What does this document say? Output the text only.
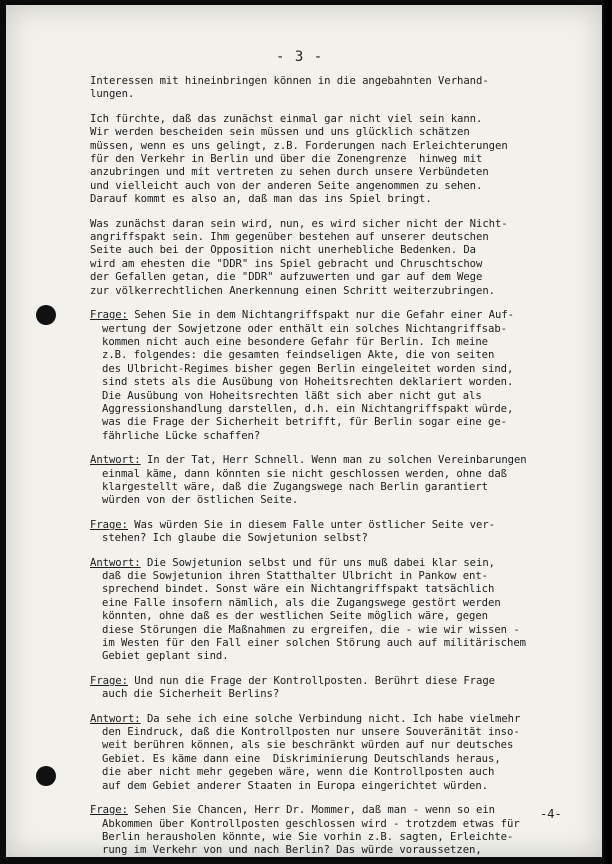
- 3 -
Interessen mit hineinbringen können in die angebahnten Verhand-
lungen.
Ich fürchte, daß das zunächst einmal gar nicht viel sein kann.
Wir werden bescheiden sein müssen und uns glücklich schätzen
müssen, wenn es uns gelingt, z.B. Forderungen nach Erleichterungen
für den Verkehr in Berlin und über die Zonengrenze  hinweg mit
anzubringen und mit vertreten zu sehen durch unsere Verbündeten
und vielleicht auch von der anderen Seite angenommen zu sehen.
Darauf kommt es also an, daß man das ins Spiel bringt.
Was zunächst daran sein wird, nun, es wird sicher nicht der Nicht-
angriffspakt sein. Ihm gegenüber bestehen auf unserer deutschen
Seite auch bei der Opposition nicht unerhebliche Bedenken. Da
wird am ehesten die "DDR" ins Spiel gebracht und Chruschtschow
der Gefallen getan, die "DDR" aufzuwerten und gar auf dem Wege
zur völkerrechtlichen Anerkennung einen Schritt weiterzubringen.
Frage: Sehen Sie in dem Nichtangriffspakt nur die Gefahr einer Auf-
wertung der Sowjetzone oder enthält ein solches Nichtangriffsab-
kommen nicht auch eine besondere Gefahr für Berlin. Ich meine
z.B. folgendes: die gesamten feindseligen Akte, die von seiten
des Ulbricht-Regimes bisher gegen Berlin eingeleitet worden sind,
sind stets als die Ausübung von Hoheitsrechten deklariert worden.
Die Ausübung von Hoheitsrechten läßt sich aber nicht gut als
Aggressionshandlung darstellen, d.h. ein Nichtangriffspakt würde,
was die Frage der Sicherheit betrifft, für Berlin sogar eine ge-
fährliche Lücke schaffen?
Antwort: In der Tat, Herr Schnell. Wenn man zu solchen Vereinbarungen
einmal käme, dann könnten sie nicht geschlossen werden, ohne daß
klargestellt wäre, daß die Zugangswege nach Berlin garantiert
würden von der östlichen Seite.
Frage: Was würden Sie in diesem Falle unter östlicher Seite ver-
stehen? Ich glaube die Sowjetunion selbst?
Antwort: Die Sowjetunion selbst und für uns muß dabei klar sein,
daß die Sowjetunion ihren Statthalter Ulbricht in Pankow ent-
sprechend bindet. Sonst wäre ein Nichtangriffspakt tatsächlich
eine Falle insofern nämlich, als die Zugangswege gestört werden
könnten, ohne daß es der westlichen Seite möglich wäre, gegen
diese Störungen die Maßnahmen zu ergreifen, die - wie wir wissen -
im Westen für den Fall einer solchen Störung auch auf militärischem
Gebiet geplant sind.
Frage: Und nun die Frage der Kontrollposten. Berührt diese Frage
auch die Sicherheit Berlins?
Antwort: Da sehe ich eine solche Verbindung nicht. Ich habe vielmehr
den Eindruck, daß die Kontrollposten nur unsere Souveränität inso-
weit berühren können, als sie beschränkt würden auf nur deutsches
Gebiet. Es käme dann eine  Diskriminierung Deutschlands heraus,
die aber nicht mehr gegeben wäre, wenn die Kontrollposten auch
auf dem Gebiet anderer Staaten in Europa eingerichtet würden.
Frage: Sehen Sie Chancen, Herr Dr. Mommer, daß man - wenn so ein
Abkommen über Kontrollposten geschlossen wird - trotzdem etwas für
Berlin herausholen könnte, wie Sie vorhin z.B. sagten, Erleichte-
rung im Verkehr von und nach Berlin? Das würde voraussetzen,
-4-
